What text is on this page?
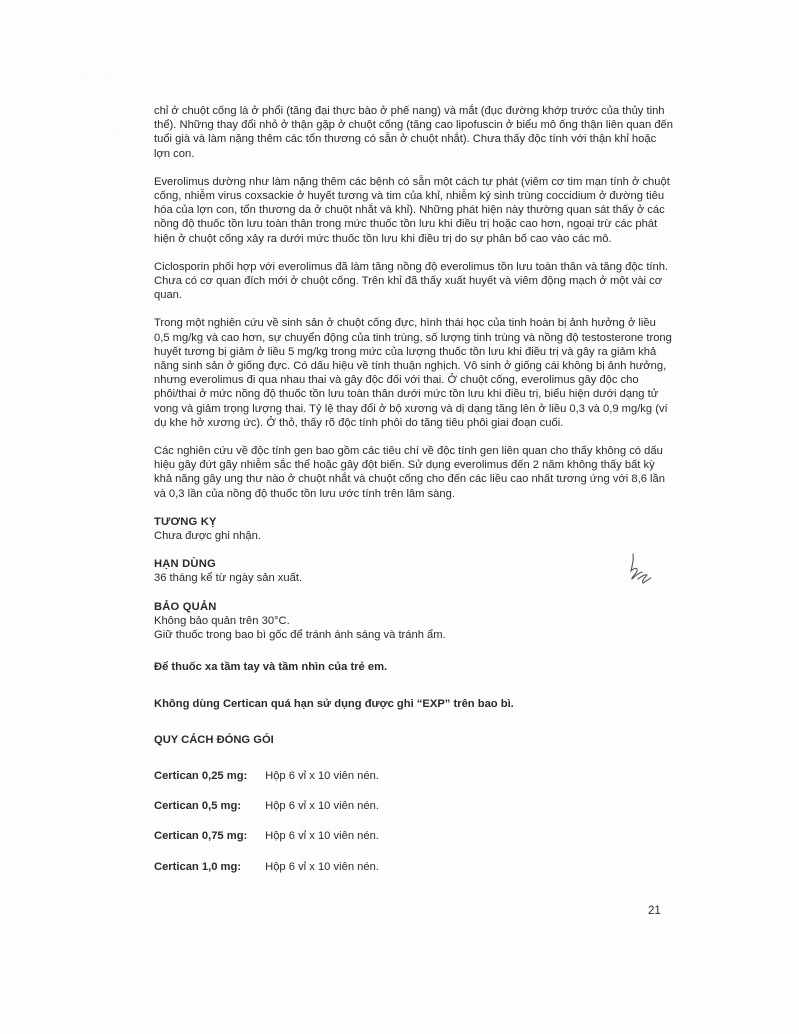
·	·
·

chỉ ở chuột cống là ở phổi (tăng đại thực bào ở phế nang) và mắt (đục đường khớp trước của thủy tinh thể). Những thay đổi nhỏ ở thận gặp ở chuột cống (tăng cao lipofuscin ở biểu mô ống thận liên quan đến tuổi già và làm nặng thêm các tổn thương có sẵn ở chuột nhắt). Chưa thấy độc tính với thận khỉ hoặc lợn con.

Everolimus dường như làm nặng thêm các bệnh có sẵn một cách tự phát (viêm cơ tim mạn tính ở chuột cống, nhiễm virus coxsackie ở huyết tương và tim của khỉ, nhiễm ký sinh trùng coccidium ở đường tiêu hóa của lợn con, tổn thương da ở chuột nhắt và khỉ). Những phát hiện này thường quan sát thấy ở các nồng độ thuốc tồn lưu toàn thân trong mức thuốc tồn lưu khi điều trị hoặc cao hơn, ngoại trừ các phát hiện ở chuột cống xảy ra dưới mức thuốc tồn lưu khi điều trị do sự phân bố cao vào các mô.

Ciclosporin phối hợp với everolimus đã làm tăng nồng độ everolimus tồn lưu toàn thân và tăng độc tính. Chưa có cơ quan đích mới ở chuột cống. Trên khỉ đã thấy xuất huyết và viêm động mạch ở một vài cơ quan.

Trong một nghiên cứu về sinh sản ở chuột cống đực, hình thái học của tinh hoàn bị ảnh hưởng ở liều 0,5 mg/kg và cao hơn, sự chuyển động của tinh trùng, số lượng tinh trùng và nồng độ testosterone trong huyết tương bị giảm ở liều 5 mg/kg trong mức của lượng thuốc tồn lưu khi điều trị và gây ra giảm khả năng sinh sản ở giống đực. Có dấu hiệu về tính thuận nghịch. Vô sinh ở giống cái không bị ảnh hưởng, nhưng everolimus đi qua nhau thai và gây độc đối với thai. Ở chuột cống, everolimus gây độc cho phôi/thai ở mức nồng độ thuốc tồn lưu toàn thân dưới mức tồn lưu khi điều trị, biểu hiện dưới dạng tử vong và giảm trọng lượng thai. Tỷ lệ thay đổi ở bộ xương và dị dạng tăng lên ở liều 0,3 và 0,9 mg/kg (ví dụ khe hở xương ức). Ở thỏ, thấy rõ độc tính phôi do tăng tiêu phôi giai đoạn cuối.

Các nghiên cứu về độc tính gen bao gồm các tiêu chí về độc tính gen liên quan cho thấy không có dấu hiệu gây đứt gãy nhiễm sắc thể hoặc gây đột biến. Sử dụng everolimus đến 2 năm không thấy bất kỳ khả năng gây ung thư nào ở chuột nhắt và chuột cống cho đến các liều cao nhất tương ứng với 8,6 lần và 0,3 lần của nồng độ thuốc tồn lưu ước tính trên lâm sàng.

TƯƠNG KỴ

Chưa được ghi nhận.

HẠN DÙNG

36 tháng kể từ ngày sản xuất.

BẢO QUẢN

Không bảo quản trên 30°C.

Giữ thuốc trong bao bì gốc để tránh ánh sáng và tránh ẩm.

Để thuốc xa tầm tay và tầm nhìn của trẻ em.

Không dùng Certican quá hạn sử dụng được ghi “EXP” trên bao bì.

QUY CÁCH ĐÓNG GÓI

Certican 0,25 mg: Hộp 6 vỉ x 10 viên nén.
Certican 0,5 mg: Hộp 6 vỉ x 10 viên nén.
Certican 0,75 mg: Hộp 6 vỉ x 10 viên nén.
Certican 1,0 mg: Hộp 6 vỉ x 10 viên nén.
21
